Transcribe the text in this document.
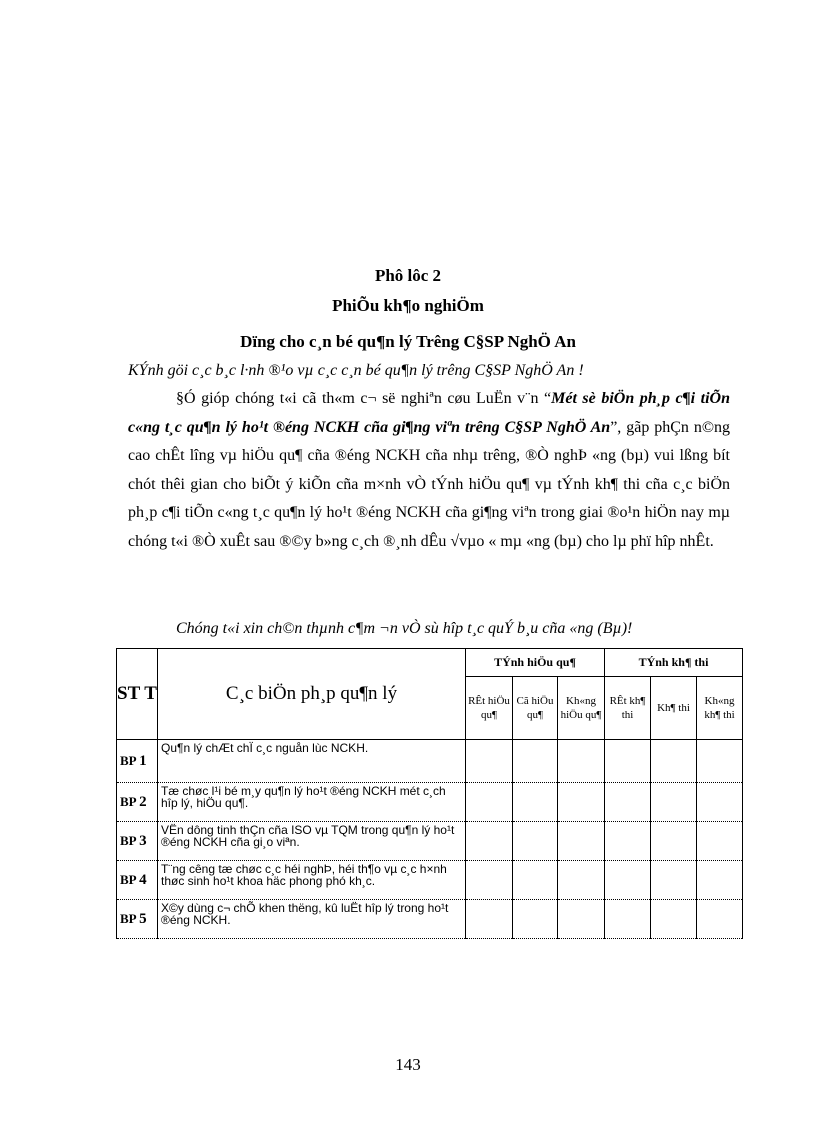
Phô lôc 2
PhiÕu kh¶o nghiÖm
Dïng cho c¸n bé qu¶n lý Trêng C§SP NghÖ An
KÝnh göi c¸c b¸c l·nh ®¹o vµ c¸c c¸n bé qu¶n lý trêng C§SP NghÖ An !
§Ó gióp chóng t«i cã th«m c¬ së nghiªn cøu LuËn v¨n “Mét sè biÖn ph¸p c¶i tiÕn c«ng t¸c qu¶n lý ho¹t ®éng NCKH cña gi¶ng viªn trêng C§SP NghÖ An”, gãp phÇn n©ng cao chÊt lîng vµ hiÖu qu¶ cña ®éng NCKH cña nhµ trêng, ®Ò nghÞ «ng (bµ) vui lßng bít chót thêi gian cho biÕt ý kiÕn cña m×nh vÒ tÝnh hiÖu qu¶ vµ tÝnh kh¶ thi cña c¸c biÖn ph¸p c¶i tiÕn c«ng t¸c qu¶n lý ho¹t ®éng NCKH cña gi¶ng viªn trong giai ®o¹n hiÖn nay mµ chóng t«i ®Ò xuÊt sau ®©y b»ng c¸ch ®¸nh dÊu √vµo « mµ «ng (bµ) cho lµ phï hîp nhÊt.
Chóng t«i xin ch©n thµnh c¶m ¬n vÒ sù hîp t¸c quÝ b¸u cña «ng (Bµ)!
ST T	C¸c biÖn ph¸p qu¶n lý	TÝnh hiÖu qu¶			TÝnh kh¶ thi		
		RÊt hiÖu qu¶	Cã hiÖu qu¶	Kh«ng hiÖu qu¶	RÊt kh¶ thi	Kh¶ thi	Kh«ng kh¶ thi
BP 1	Qu¶n lý chÆt chÏ c¸c nguån lùc NCKH.						
BP 2	Tæ chøc l¹i bé m¸y qu¶n lý ho¹t ®éng NCKH mét c¸ch hîp lý, hiÖu qu¶.						
BP 3	VËn dông tinh thÇn cña ISO vµ TQM trong qu¶n lý ho¹t ®éng NCKH cña gi¸o viªn.						
BP 4	T¨ng cêng tæ chøc c¸c héi nghÞ, héi th¶o vµ c¸c h×nh thøc sinh ho¹t khoa häc phong phó kh¸c.						
BP 5	X©y dùng c¬ chÕ khen thëng, kû luËt hîp lý trong ho¹t ®éng NCKH.						
143
